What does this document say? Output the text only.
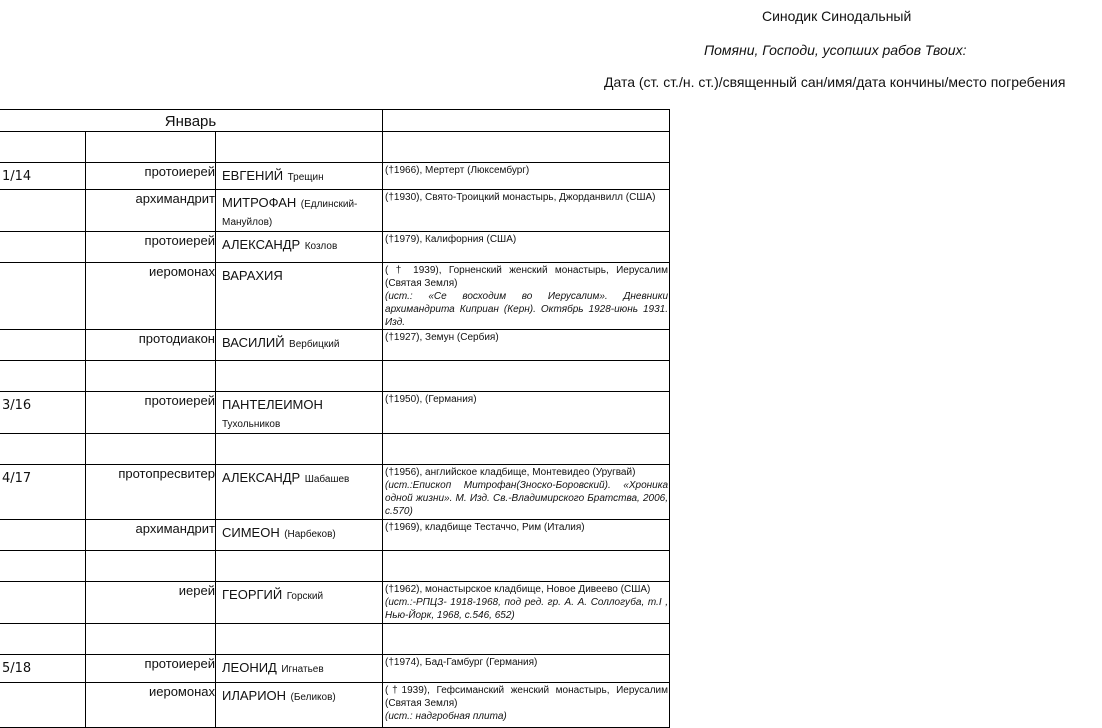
Синодик Синодальный
Помяни, Господи, усопших рабов Твоих:
Дата (ст. ст./н. ст.)/священный сан/имя/дата кончины/место погребения
Январь			

1/14	протоиерей	ЕВГЕНИЙ Трещин	(†1966), Мертерт (Люксембург)

	архимандрит	МИТРОФАН (Едлинский-Мануйлов)	(†1930), Свято-Троицкий монастырь, Джорданвилл (США)

	протоиерей	АЛЕКСАНДР Козлов	(†1979), Калифорния (США)

	иеромонах	ВАРАХИЯ	( † 1939), Горненский женский монастырь, Иерусалим (Святая Земля)
(ист.: «Се восходим во Иерусалим». Дневники архимандрита Киприан (Керн). Октябрь 1928-июнь 1931. Изд.

	протодиакон	ВАСИЛИЙ Вербицкий	(†1927), Земун (Сербия)

3/16	протоиерей	ПАНТЕЛЕИМОН Тухольников	(†1950), (Германия)

4/17	протопресвитер	АЛЕКСАНДР Шабашев	(†1956), английское кладбище, Монтевидео (Уругвай)
(ист.:Епископ Митрофан(Зноско-Боровский). «Хроника одной жизни». М. Изд. Св.-Владимирского Братства, 2006, с.570)

	архимандрит	СИМЕОН (Нарбеков)	(†1969), кладбище Тестаччо, Рим (Италия)

	иерей	ГЕОРГИЙ Горский	(†1962), монастырское кладбище, Новое Дивеево (США)
(ист.:-РПЦЗ- 1918-1968, под ред. гр. А. А. Соллогуба, т.I , Нью-Йорк, 1968, с.546, 652)

5/18	протоиерей	ЛЕОНИД Игнатьев	(†1974), Бад-Гамбург (Германия)

	иеромонах	ИЛАРИОН (Беликов)	(†1939), Гефсиманский женский монастырь, Иерусалим (Святая Земля)
(ист.: надгробная плита)
